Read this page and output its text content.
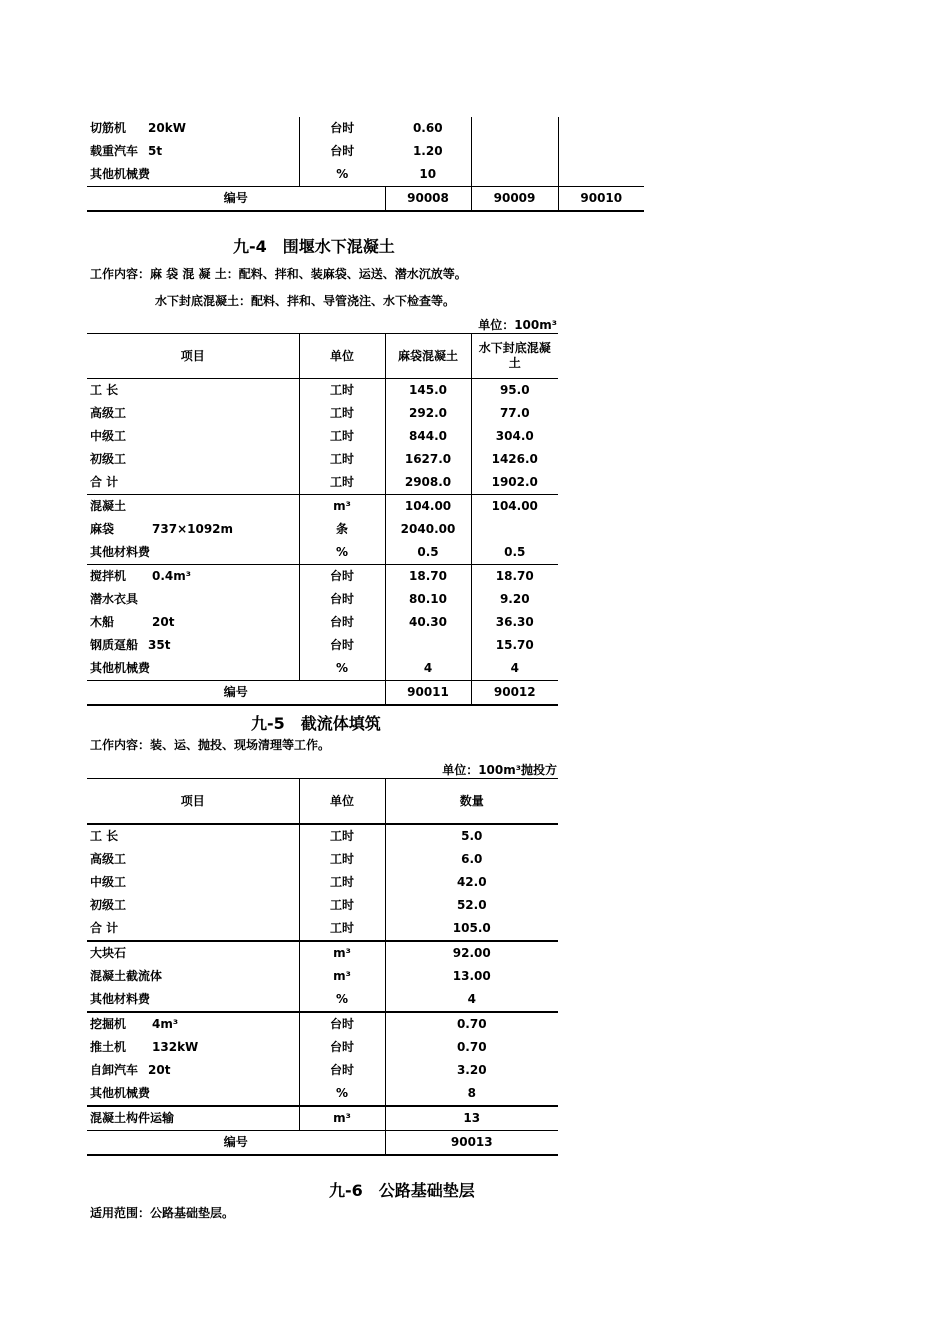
切筋机 20kW	台时	0.60		
载重汽车 5t	台时	1.20		
其他机械费	%	10		
编号		90008	90009	90010
九-4　围堰水下混凝土
工作内容：麻 袋 混 凝 土：配料、拌和、装麻袋、运送、潜水沉放等。
水下封底混凝土：配料、拌和、导管浇注、水下检查等。
单位：100m³
项目	单位	麻袋混凝土	水下封底混凝土
工 长	工时	145.0	95.0
高级工	工时	292.0	77.0
中级工	工时	844.0	304.0
初级工	工时	1627.0	1426.0
合 计	工时	2908.0	1902.0
混凝土	m³	104.00	104.00
麻袋 737×1092m	条	2040.00	
其他材料费	%	0.5	0.5
搅拌机 0.4m³	台时	18.70	18.70
潜水衣具	台时	80.10	9.20
木船 20t	台时	40.30	36.30
钢质趸船 35t	台时		15.70
其他机械费	%	4	4
编号		90011	90012
九-5　截流体填筑
工作内容：装、运、抛投、现场清理等工作。
单位：100m³抛投方
项目	单位	数量
工 长	工时	5.0
高级工	工时	6.0
中级工	工时	42.0
初级工	工时	52.0
合 计	工时	105.0
大块石	m³	92.00
混凝土截流体	m³	13.00
其他材料费	%	4
挖掘机 4m³	台时	0.70
推土机 132kW	台时	0.70
自卸汽车 20t	台时	3.20
其他机械费	%	8
混凝土构件运输	m³	13
编号		90013
九-6　公路基础垫层
适用范围：公路基础垫层。
